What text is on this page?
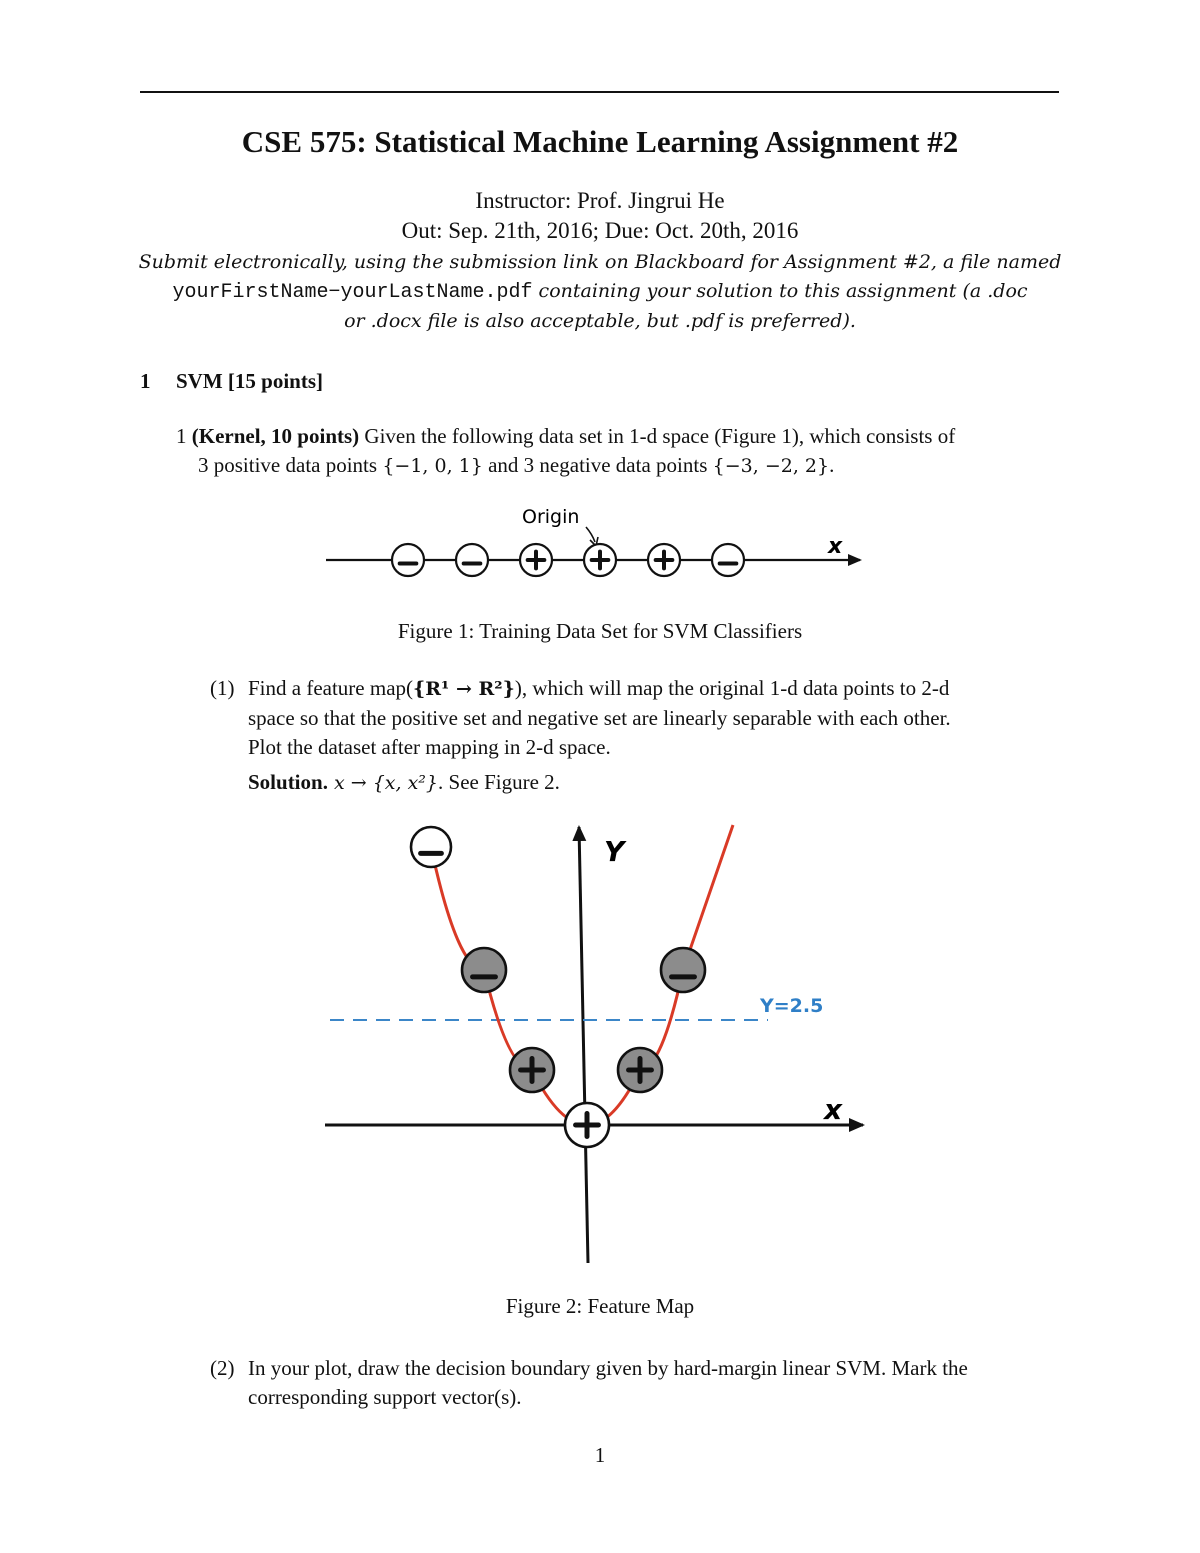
CSE 575: Statistical Machine Learning Assignment #2
Instructor: Prof. Jingrui He
Out: Sep. 21th, 2016; Due: Oct. 20th, 2016
Submit electronically, using the submission link on Blackboard for Assignment #2, a file named
yourFirstName−yourLastName.pdf containing your solution to this assignment (a .doc
or .docx file is also acceptable, but .pdf is preferred).
1 SVM [15 points]
1 (Kernel, 10 points) Given the following data set in 1-d space (Figure 1), which consists of
3 positive data points {−1, 0, 1} and 3 negative data points {−3, −2, 2}.
x
Origin
Figure 1: Training Data Set for SVM Classifiers
(1) Find a feature map({R¹ → R²}), which will map the original 1-d data points to 2-d
space so that the positive set and negative set are linearly separable with each other.
Plot the dataset after mapping in 2-d space.
Solution. x → {x, x²}. See Figure 2.
Y
x
Y=2.5
Figure 2: Feature Map
(2) In your plot, draw the decision boundary given by hard-margin linear SVM. Mark the
corresponding support vector(s).
1
